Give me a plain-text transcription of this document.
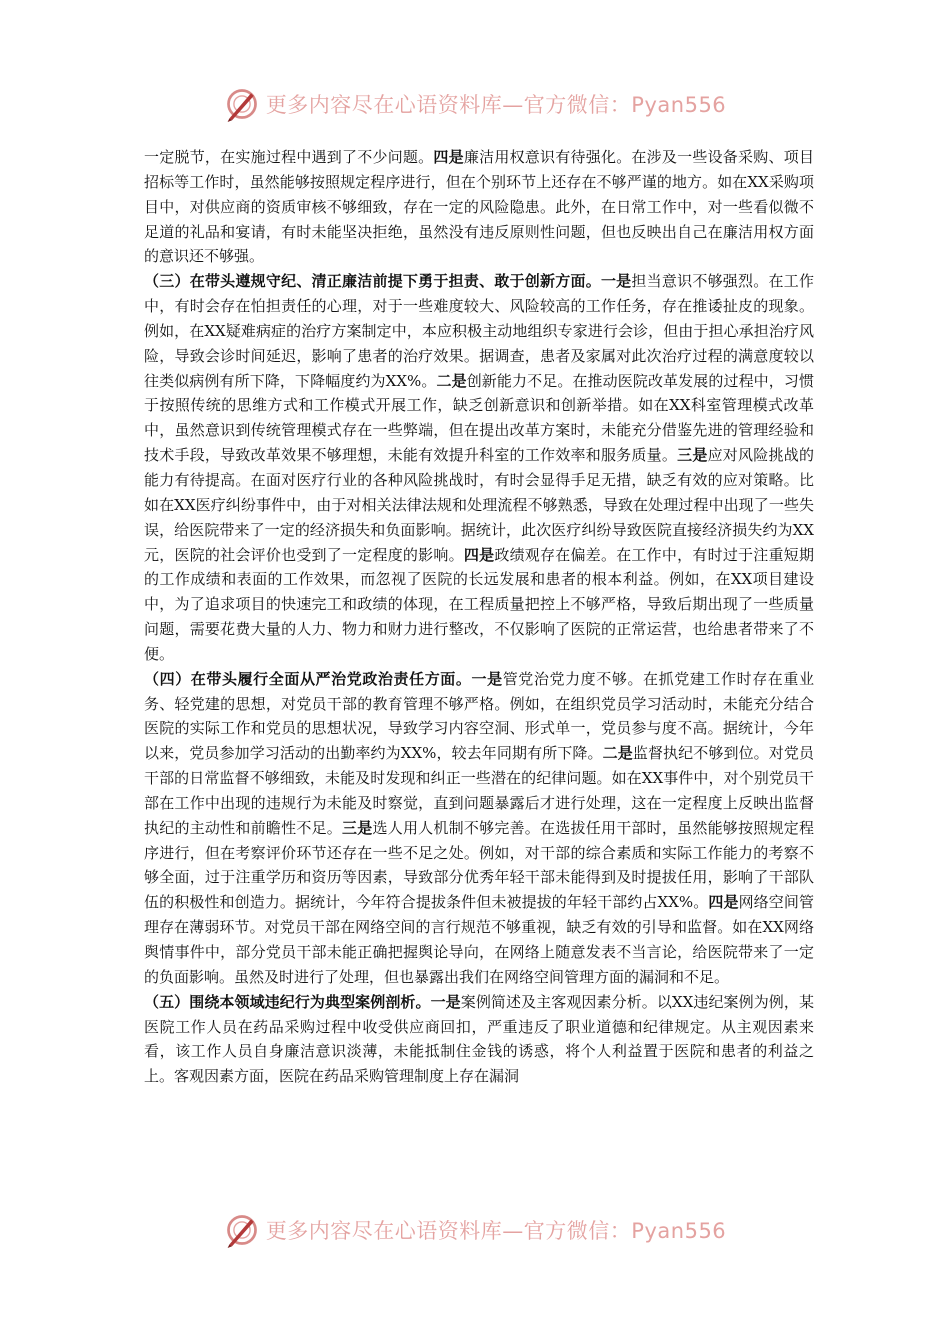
更多内容尽在心语资料库—官方微信：Pyan556

一定脱节，在实施过程中遇到了不少问题。四是廉洁用权意识有待强化。在涉及一些设备采购、项目招标等工作时，虽然能够按照规定程序进行，但在个别环节上还存在不够严谨的地方。如在XX采购项目中，对供应商的资质审核不够细致，存在一定的风险隐患。此外，在日常工作中，对一些看似微不足道的礼品和宴请，有时未能坚决拒绝，虽然没有违反原则性问题，但也反映出自己在廉洁用权方面的意识还不够强。

（三）在带头遵规守纪、清正廉洁前提下勇于担责、敢于创新方面。一是担当意识不够强烈。在工作中，有时会存在怕担责任的心理，对于一些难度较大、风险较高的工作任务，存在推诿扯皮的现象。例如，在XX疑难病症的治疗方案制定中，本应积极主动地组织专家进行会诊，但由于担心承担治疗风险，导致会诊时间延迟，影响了患者的治疗效果。据调查，患者及家属对此次治疗过程的满意度较以往类似病例有所下降，下降幅度约为XX%。二是创新能力不足。在推动医院改革发展的过程中，习惯于按照传统的思维方式和工作模式开展工作，缺乏创新意识和创新举措。如在XX科室管理模式改革中，虽然意识到传统管理模式存在一些弊端，但在提出改革方案时，未能充分借鉴先进的管理经验和技术手段，导致改革效果不够理想，未能有效提升科室的工作效率和服务质量。三是应对风险挑战的能力有待提高。在面对医疗行业的各种风险挑战时，有时会显得手足无措，缺乏有效的应对策略。比如在XX医疗纠纷事件中，由于对相关法律法规和处理流程不够熟悉，导致在处理过程中出现了一些失误，给医院带来了一定的经济损失和负面影响。据统计，此次医疗纠纷导致医院直接经济损失约为XX元，医院的社会评价也受到了一定程度的影响。四是政绩观存在偏差。在工作中，有时过于注重短期的工作成绩和表面的工作效果，而忽视了医院的长远发展和患者的根本利益。例如，在XX项目建设中，为了追求项目的快速完工和政绩的体现，在工程质量把控上不够严格，导致后期出现了一些质量问题，需要花费大量的人力、物力和财力进行整改，不仅影响了医院的正常运营，也给患者带来了不便。

（四）在带头履行全面从严治党政治责任方面。一是管党治党力度不够。在抓党建工作时存在重业务、轻党建的思想，对党员干部的教育管理不够严格。例如，在组织党员学习活动时，未能充分结合医院的实际工作和党员的思想状况，导致学习内容空洞、形式单一，党员参与度不高。据统计，今年以来，党员参加学习活动的出勤率约为XX%，较去年同期有所下降。二是监督执纪不够到位。对党员干部的日常监督不够细致，未能及时发现和纠正一些潜在的纪律问题。如在XX事件中，对个别党员干部在工作中出现的违规行为未能及时察觉，直到问题暴露后才进行处理，这在一定程度上反映出监督执纪的主动性和前瞻性不足。三是选人用人机制不够完善。在选拔任用干部时，虽然能够按照规定程序进行，但在考察评价环节还存在一些不足之处。例如，对干部的综合素质和实际工作能力的考察不够全面，过于注重学历和资历等因素，导致部分优秀年轻干部未能得到及时提拔任用，影响了干部队伍的积极性和创造力。据统计，今年符合提拔条件但未被提拔的年轻干部约占XX%。四是网络空间管理存在薄弱环节。对党员干部在网络空间的言行规范不够重视，缺乏有效的引导和监督。如在XX网络舆情事件中，部分党员干部未能正确把握舆论导向，在网络上随意发表不当言论，给医院带来了一定的负面影响。虽然及时进行了处理，但也暴露出我们在网络空间管理方面的漏洞和不足。

（五）围绕本领域违纪行为典型案例剖析。一是案例简述及主客观因素分析。以XX违纪案例为例，某医院工作人员在药品采购过程中收受供应商回扣，严重违反了职业道德和纪律规定。从主观因素来看，该工作人员自身廉洁意识淡薄，未能抵制住金钱的诱惑，将个人利益置于医院和患者的利益之上。客观因素方面，医院在药品采购管理制度上存在漏洞

更多内容尽在心语资料库—官方微信：Pyan556
